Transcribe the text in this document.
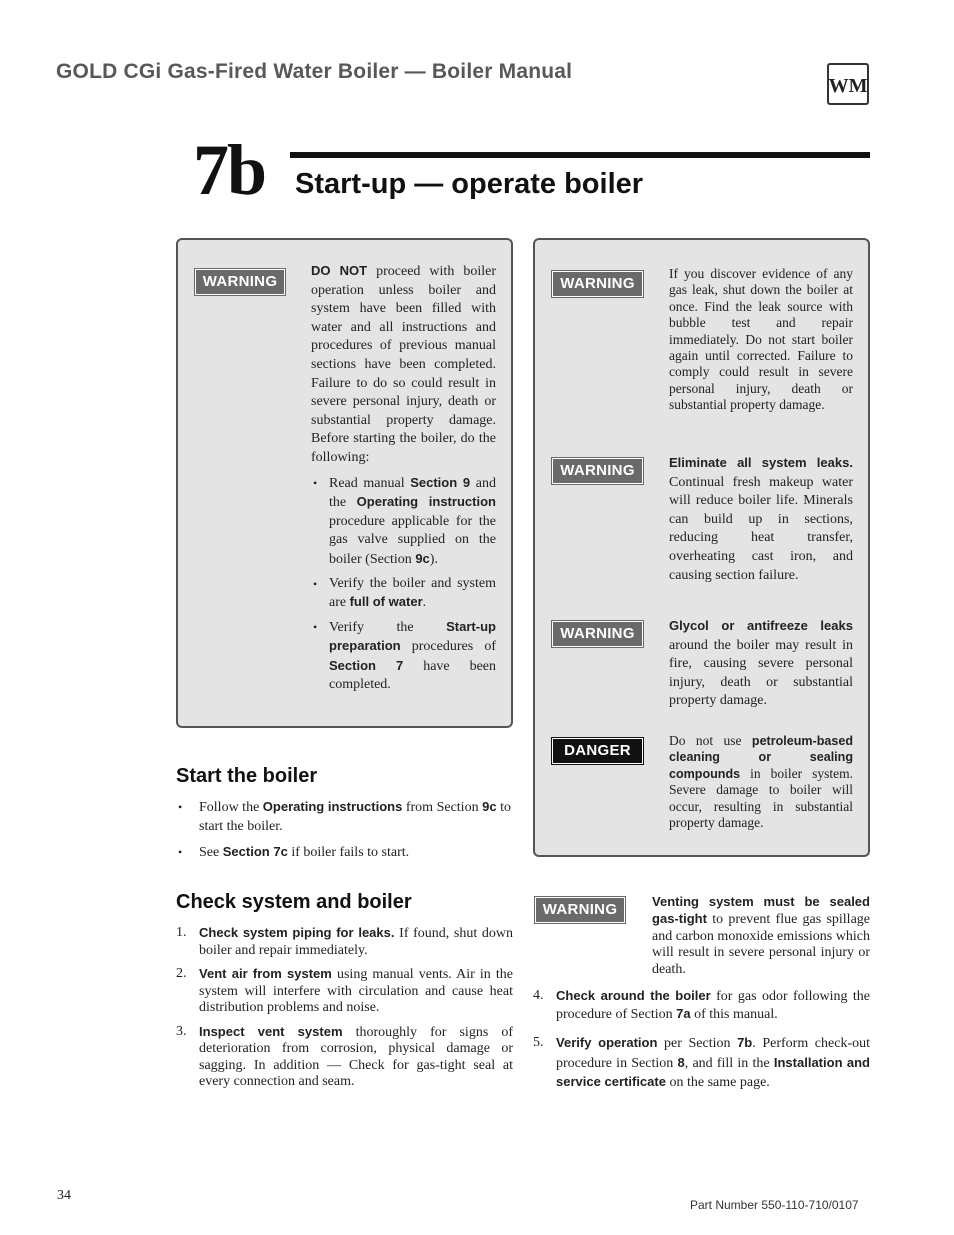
GOLD CGi Gas-Fired Water Boiler — Boiler Manual
WM
7b Start-up — operate boiler
WARNING
DO NOT proceed with boiler operation unless boiler and system have been filled with water and all instructions and procedures of previous manual sections have been completed. Failure to do so could result in severe personal injury, death or substantial property damage. Before starting the boiler, do the following:
• Read manual Section 9 and the Operating instruction procedure applicable for the gas valve supplied on the boiler (Section 9c).
• Verify the boiler and system are full of water.
• Verify the Start-up preparation procedures of Section 7 have been completed.
WARNING
If you discover evidence of any gas leak, shut down the boiler at once. Find the leak source with bubble test and repair immediately. Do not start boiler again until corrected. Failure to comply could result in severe personal injury, death or substantial property damage.
WARNING	Eliminate all system leaks. Continual fresh makeup water will reduce boiler life. Minerals can build up in sections, reducing heat transfer, overheating cast iron, and causing section failure.
WARNING	Glycol or antifreeze leaks around the boiler may result in fire, causing severe personal injury, death or substantial property damage.
DANGER
Do not use petroleum-based cleaning or sealing compounds in boiler system. Severe damage to boiler will occur, resulting in substantial property damage.
Start the boiler
• Follow the Operating instructions from Section 9c to start the boiler.
• See Section 7c if boiler fails to start.
Check system and boiler
1. Check system piping for leaks. If found, shut down boiler and repair immediately.
2. Vent air from system using manual vents. Air in the system will interfere with circulation and cause heat distribution problems and noise.
3. Inspect vent system thoroughly for signs of deterioration from corrosion, physical damage or sagging. In addition — Check for gas-tight seal at every connection and seam.
WARNING	Venting system must be sealed gas-tight to prevent flue gas spillage and carbon monoxide emissions which will result in severe personal injury or death.
4. Check around the boiler for gas odor following the procedure of Section 7a of this manual.
5. Verify operation per Section 7b. Perform check-out procedure in Section 8, and fill in the Installation and service certificate on the same page.
34
Part Number 550-110-710/0107
